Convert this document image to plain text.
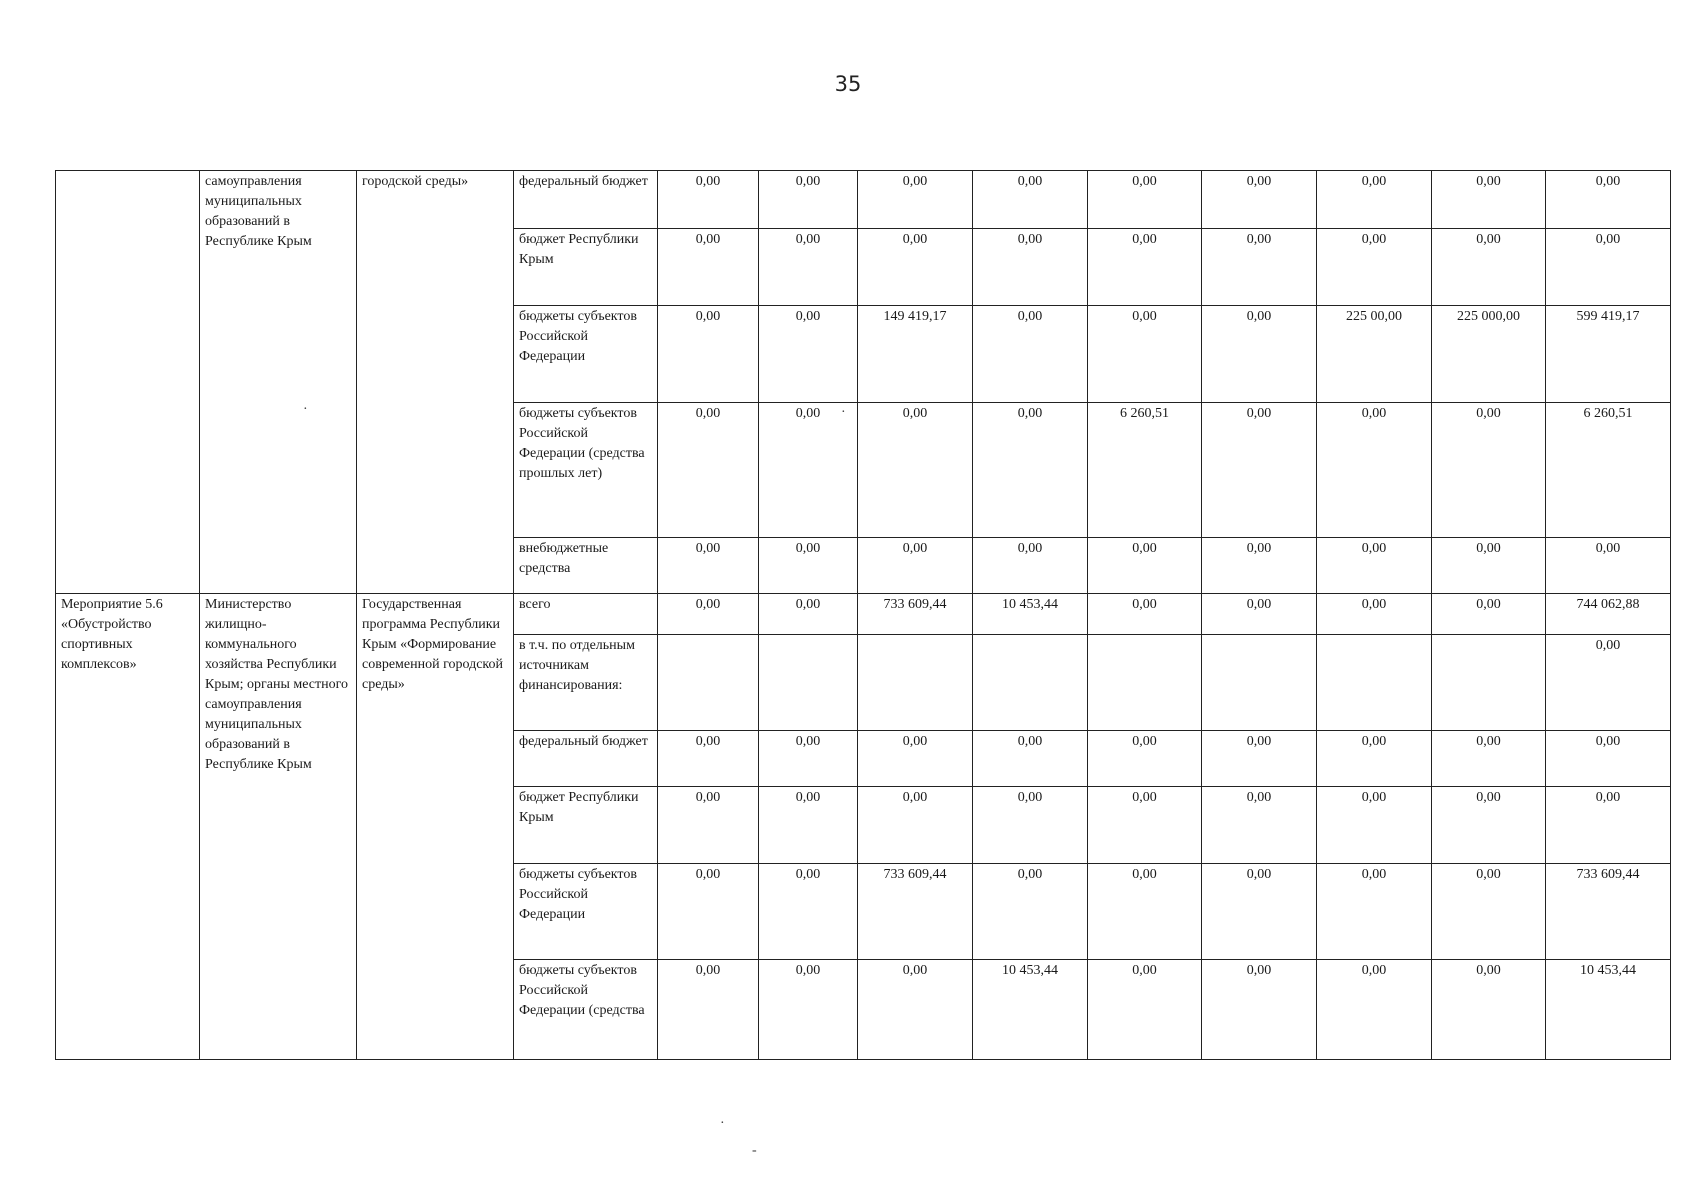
35
	самоуправления муниципальных образований в Республике Крым	городской среды»	федеральный бюджет	0,00	0,00	0,00	0,00	0,00	0,00	0,00	0,00	0,00
			бюджет Республики Крым	0,00	0,00	0,00	0,00	0,00	0,00	0,00	0,00	0,00
			бюджеты субъектов Российской Федерации	0,00	0,00	149 419,17	0,00	0,00	0,00	225 00,00	225 000,00	599 419,17
			бюджеты субъектов Российской Федерации (средства прошлых лет)	0,00	0,00	0,00	0,00	6 260,51	0,00	0,00	0,00	6 260,51
			внебюджетные средства	0,00	0,00	0,00	0,00	0,00	0,00	0,00	0,00	0,00
Мероприятие 5.6 «Обустройство спортивных комплексов»	Министерство жилищно-коммунального хозяйства Республики Крым; органы местного самоуправления муниципальных образований в Республике Крым	Государственная программа Республики Крым «Формирование современной городской среды»	всего	0,00	0,00	733 609,44	10 453,44	0,00	0,00	0,00	0,00	744 062,88
			в т.ч. по отдельным источникам финансирования:									0,00
			федеральный бюджет	0,00	0,00	0,00	0,00	0,00	0,00	0,00	0,00	0,00
			бюджет Республики Крым	0,00	0,00	0,00	0,00	0,00	0,00	0,00	0,00	0,00
			бюджеты субъектов Российской Федерации	0,00	0,00	733 609,44	0,00	0,00	0,00	0,00	0,00	733 609,44
			бюджеты субъектов Российской Федерации (средства	0,00	0,00	0,00	10 453,44	0,00	0,00	0,00	0,00	10 453,44
·	·
·
-
